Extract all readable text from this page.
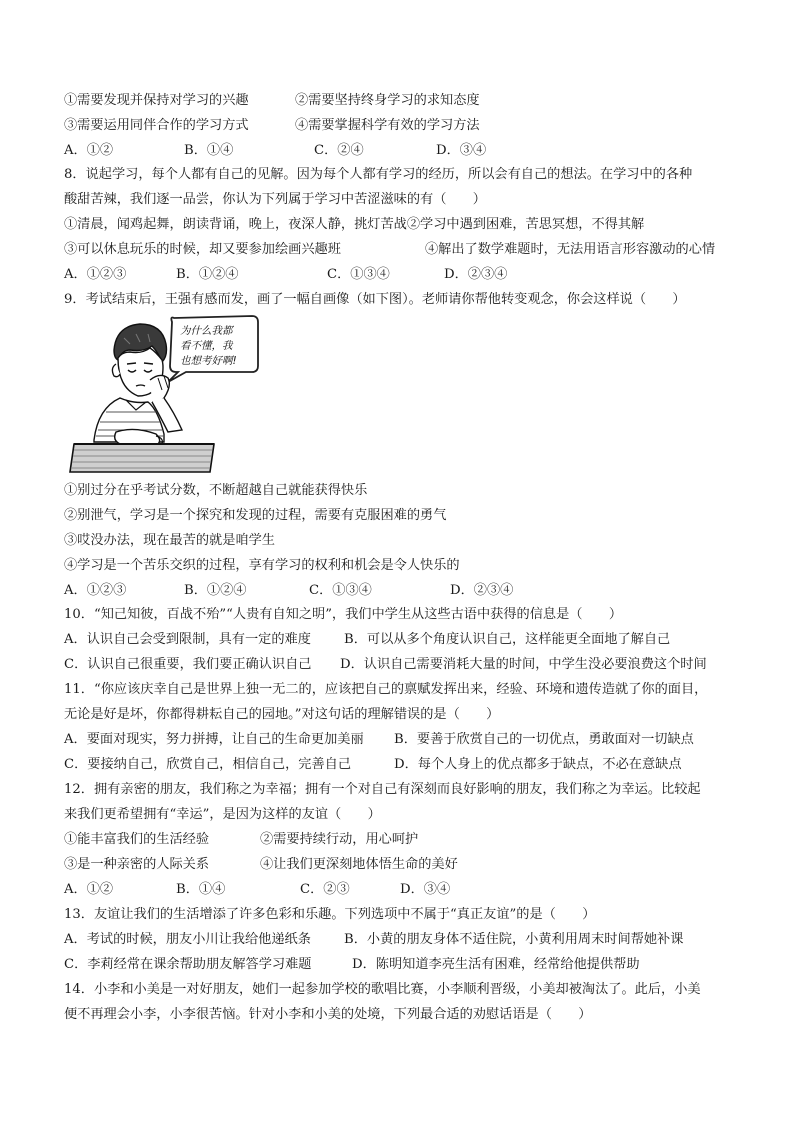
①需要发现并保持对学习的兴趣	②需要坚持终身学习的求知态度
③需要运用同伴合作的学习方式	④需要掌握科学有效的学习方法
A．①②	B．①④	C．②④	D．③④
8．说起学习，每个人都有自己的见解。因为每个人都有学习的经历，所以会有自己的想法。在学习中的各种
酸甜苦辣，我们逐一品尝，你认为下列属于学习中苦涩滋味的有（　　）
①清晨，闻鸡起舞，朗读背诵，晚上，夜深人静，挑灯苦战②学习中遇到困难，苦思冥想，不得其解
③可以休息玩乐的时候，却又要参加绘画兴趣班	④解出了数学难题时，无法用语言形容激动的心情
A．①②③	B．①②④	C．①③④	D．②③④
9．考试结束后，王强有感而发，画了一幅自画像（如下图）。老师请你帮他转变观念，你会这样说（　　）
为什么我都
看不懂，我
也想考好啊!
①别过分在乎考试分数，不断超越自己就能获得快乐
②别泄气，学习是一个探究和发现的过程，需要有克服困难的勇气
③哎没办法，现在最苦的就是咱学生
④学习是一个苦乐交织的过程，享有学习的权利和机会是令人快乐的
A．①②③	B．①②④	C．①③④	D．②③④
10．“知己知彼，百战不殆”“人贵有自知之明”，我们中学生从这些古语中获得的信息是（　　）
A．认识自己会受到限制，具有一定的难度	B．可以从多个角度认识自己，这样能更全面地了解自己
C．认识自己很重要，我们要正确认识自己 D．认识自己需要消耗大量的时间，中学生没必要浪费这个时间
11．“你应该庆幸自己是世界上独一无二的，应该把自己的禀赋发挥出来，经验、环境和遗传造就了你的面目，
无论是好是坏，你都得耕耘自己的园地。”对这句话的理解错误的是（　　）
A．要面对现实，努力拼搏，让自己的生命更加美丽 B．要善于欣赏自己的一切优点，勇敢面对一切缺点
C．要接纳自己，欣赏自己，相信自己，完善自己	D．每个人身上的优点都多于缺点，不必在意缺点
12．拥有亲密的朋友，我们称之为幸福；拥有一个对自己有深刻而良好影响的朋友，我们称之为幸运。比较起
来我们更希望拥有“幸运”，是因为这样的友谊（　　）
①能丰富我们的生活经验	②需要持续行动，用心呵护
③是一种亲密的人际关系	④让我们更深刻地体悟生命的美好
A．①②	B．①④	C．②③	D．③④
13．友谊让我们的生活增添了许多色彩和乐趣。下列选项中不属于“真正友谊”的是（　　）
A．考试的时候，朋友小川让我给他递纸条	B．小黄的朋友身体不适住院，小黄利用周末时间帮她补课
C．李莉经常在课余帮助朋友解答学习难题	D．陈明知道李亮生活有困难，经常给他提供帮助
14．小李和小美是一对好朋友，她们一起参加学校的歌唱比赛，小李顺利晋级，小美却被淘汰了。此后，小美
便不再理会小李，小李很苦恼。针对小李和小美的处境，下列最合适的劝慰话语是（　　）
